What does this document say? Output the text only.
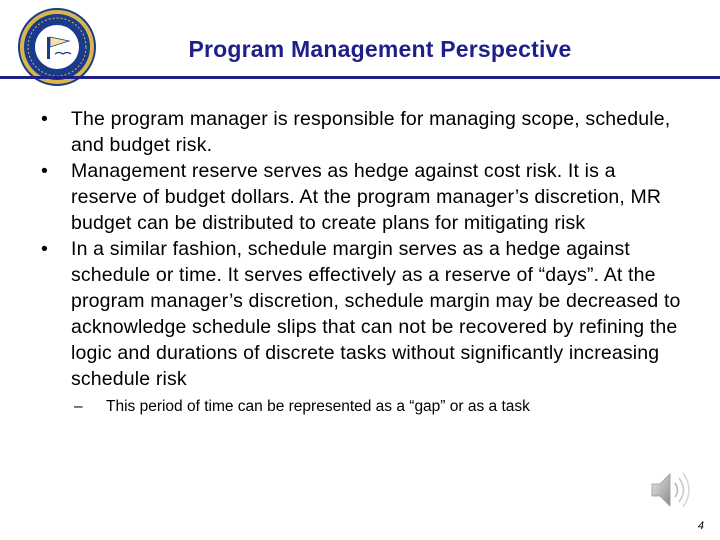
Program Management Perspective
• The program manager is responsible for managing scope, schedule, and budget risk.
• Management reserve serves as hedge against cost risk. It is a reserve of budget dollars. At the program manager’s discretion, MR budget can be distributed to create plans for mitigating risk
• In a similar fashion, schedule margin serves as a hedge against schedule or time. It serves effectively as a reserve of “days”. At the program manager’s discretion, schedule margin may be decreased to acknowledge schedule slips that can not be recovered by refining the logic and durations of discrete tasks without significantly increasing schedule risk
– This period of time can be represented as a “gap” or as a task
4
